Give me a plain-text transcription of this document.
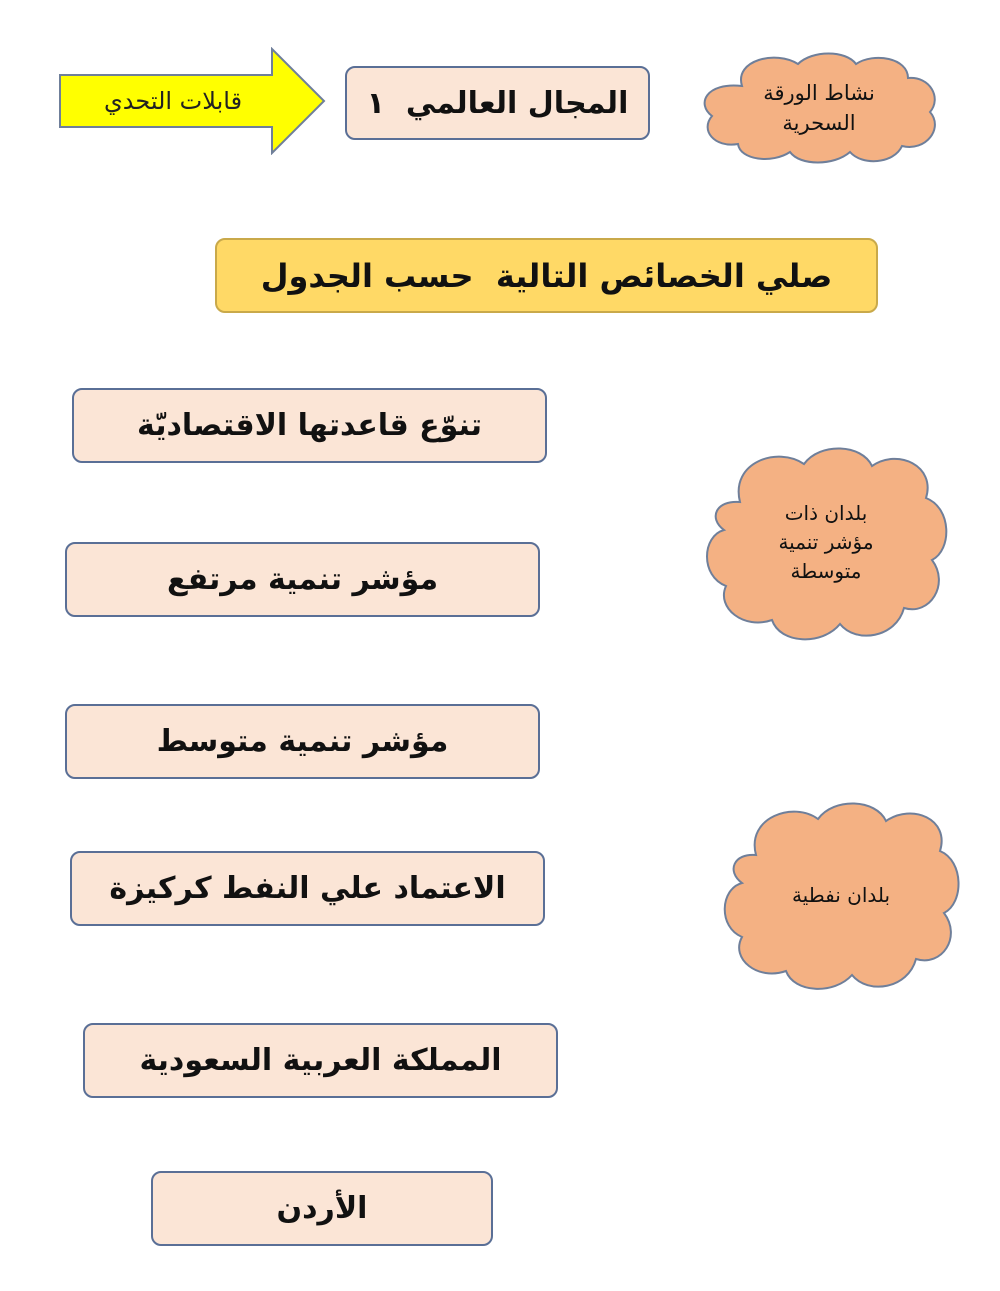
قابلات التحدي	المجال العالمي  ١	نشاط الورقة
السحرية
صلي الخصائص التالية  حسب الجدول
تنوّع قاعدتها الاقتصاديّة
مؤشر تنمية مرتفع
مؤشر تنمية متوسط
الاعتماد علي النفط كركيزة
المملكة العربية السعودية
الأردن
بلدان ذات
مؤشر تنمية
متوسطة
بلدان نفطية
